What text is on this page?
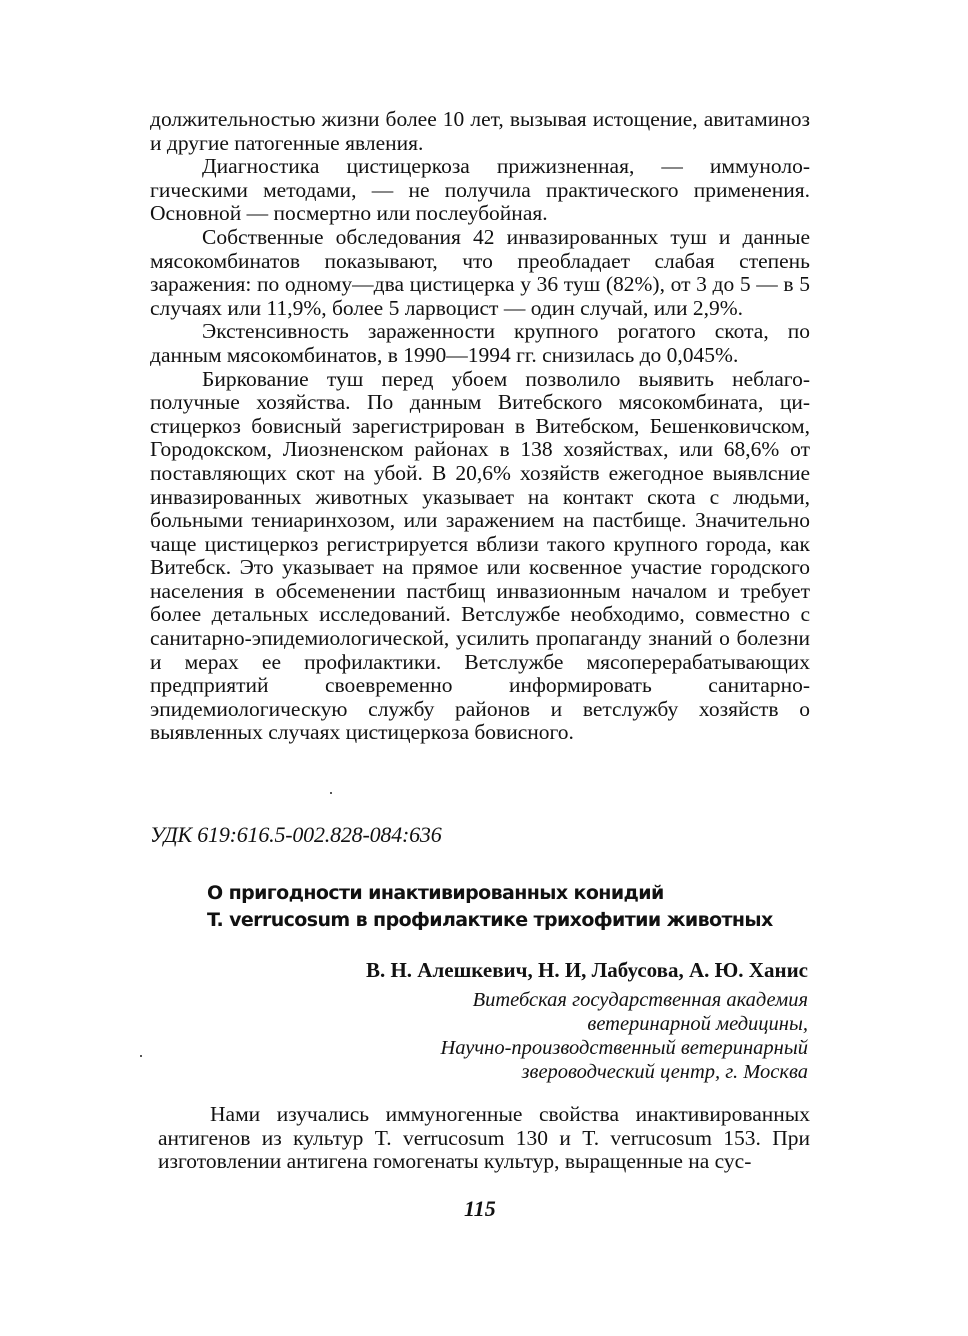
должительностью жизни более 10 лет, вызывая истощение, авитаминоз и другие патогенные явления.

Диагностика цистицеркоза прижизненная, — иммунологическими методами, — не получила практического применения. Основной — посмертно или послеубойная.

Собственные обследования 42 инвазированных туш и данные мясокомбинатов показывают, что преобладает слабая степень заражения: по одному—два цистицерка у 36 туш (82%), от 3 до 5 — в 5 случаях или 11,9%, более 5 ларвоцист — один случай, или 2,9%.

Экстенсивность зараженности крупного рогатого скота, по данным мясокомбинатов, в 1990—1994 гг. снизилась до 0,045%.

Биркование туш перед убоем позволило выявить неблагополучные хозяйства. По данным Витебского мясокомбината, цистицеркоз бовисный зарегистрирован в Витебском, Бешенковичском, Городокском, Лиозненском районах в 138 хозяйствах, или 68,6% от поставляющих скот на убой. В 20,6% хозяйств ежегодное выявлсние инвазированных животных указывает на контакт скота с людьми, больными тениаринхозом, или заражением на пастбище. Значительно чаще цистицеркоз регистрируется вблизи такого крупного города, как Витебск. Это указывает на прямое или косвенное участие городского населения в обсеменении пастбищ инвазионным началом и требует более детальных исследований. Ветслужбе необходимо, совместно с санитарно-эпидемиологической, усилить пропаганду знаний о болезни и мерах ее профилактики. Ветслужбе мясоперерабатывающих предприятий своевременно информировать санитарноэпидемиологическую службу районов и ветслужбу хозяйств о выявленных случаях цистицеркоза бовисного.

УДК 619:616.5-002.828-084:636

О пригодности инактивированных конидий
T. verrucosum в профилактике трихофитии животных

В. Н. Алешкевич, Н. И, Лабусова, А. Ю. Ханис

Витебская государственная академия
ветеринарной медицины,
Научно-производственный ветеринарный
звероводческий центр, г. Москва

Нами изучались иммуногенные свойства инактивированных антигенов из культур T. verrucosum 130 и T. verrucosum 153. При изготовлении антигена гомогенаты культур, выращенные на сус-

115
